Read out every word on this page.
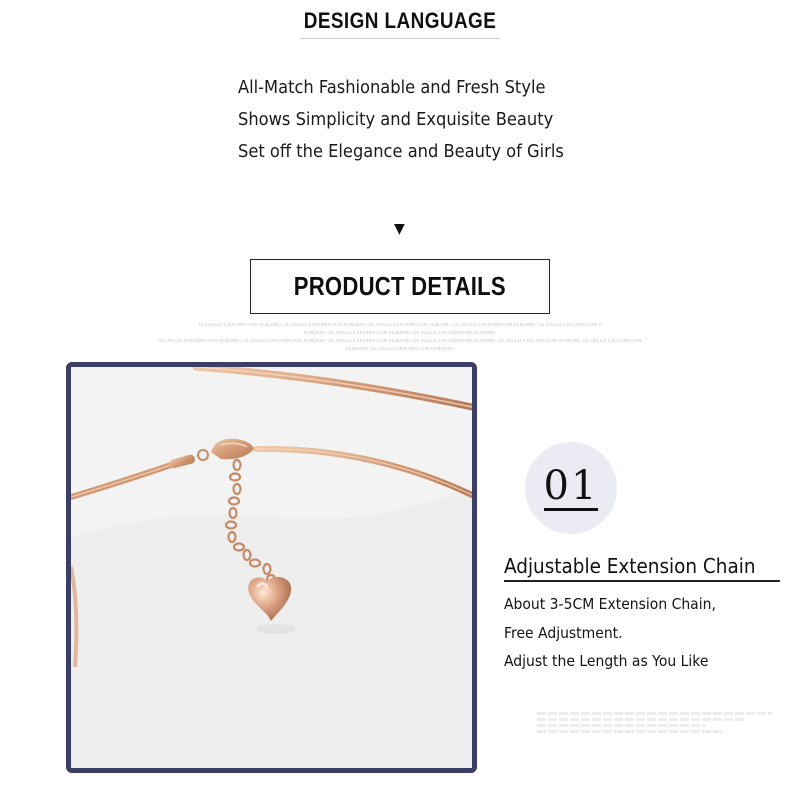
DESIGN LANGUAGE
All-Match Fashionable and Fresh Style
Shows Simplicity and Exquisite Beauty
Set off the Elegance and Beauty of Girls
▼
PRODUCT DETAILS
DETAILED EXPLANATION PENDANT DETAILED EXPLANATION PENDANT DETAILED EXPLANATION PENDANT DETAILED EXPLANATION PENDANT DETAILED EXPLANATION P
PENDANT DETAILED EXPLANATION PENDANT DETAILED EXPLANATION PENDANT
DETAILED EXPLANATION PENDANT DETAILED EXPLANATION PENDANT DETAILED EXPLANATION PENDANT DETAILED EXPLANATION PENDANT DETAILED EXPLANATION PENDANT DETAILED EXPLANATION
PENDANT DETAILED EXPLANATION PENDANT
01
Adjustable Extension Chain
About 3-5CM Extension Chain,
Free Adjustment.
Adjust the Length as You Like
